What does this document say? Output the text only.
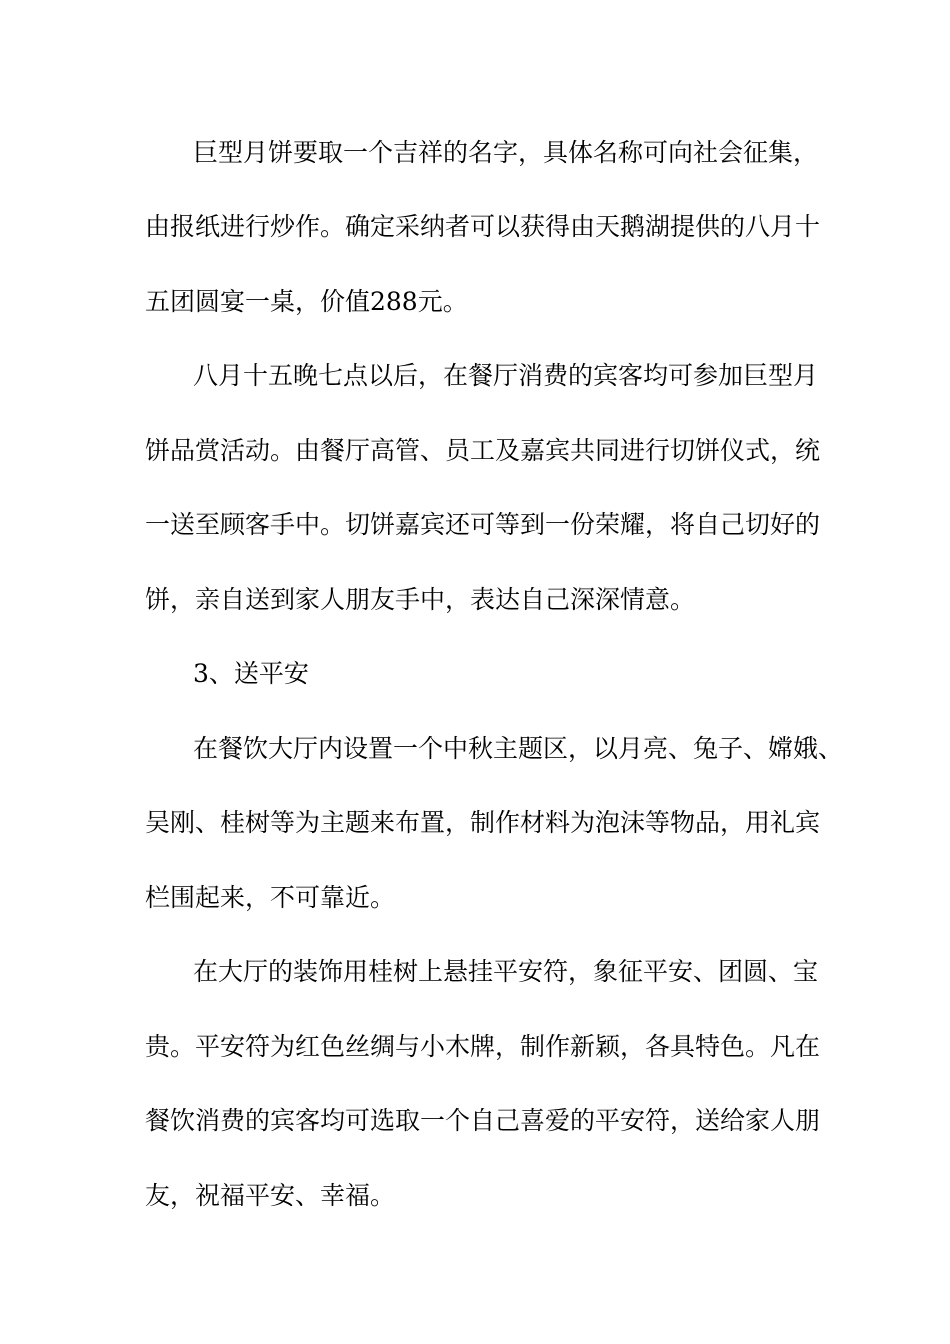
巨型月饼要取一个吉祥的名字，具体名称可向社会征集，

由报纸进行炒作。确定采纳者可以获得由天鹅湖提供的八月十

五团圆宴一桌，价值288元。

八月十五晚七点以后，在餐厅消费的宾客均可参加巨型月

饼品赏活动。由餐厅高管、员工及嘉宾共同进行切饼仪式，统

一送至顾客手中。切饼嘉宾还可等到一份荣耀，将自己切好的

饼，亲自送到家人朋友手中，表达自己深深情意。

3、送平安

在餐饮大厅内设置一个中秋主题区，以月亮、兔子、嫦娥、

吴刚、桂树等为主题来布置，制作材料为泡沫等物品，用礼宾

栏围起来，不可靠近。

在大厅的装饰用桂树上悬挂平安符，象征平安、团圆、宝

贵。平安符为红色丝绸与小木牌，制作新颖，各具特色。凡在

餐饮消费的宾客均可选取一个自己喜爱的平安符，送给家人朋

友，祝福平安、幸福。
